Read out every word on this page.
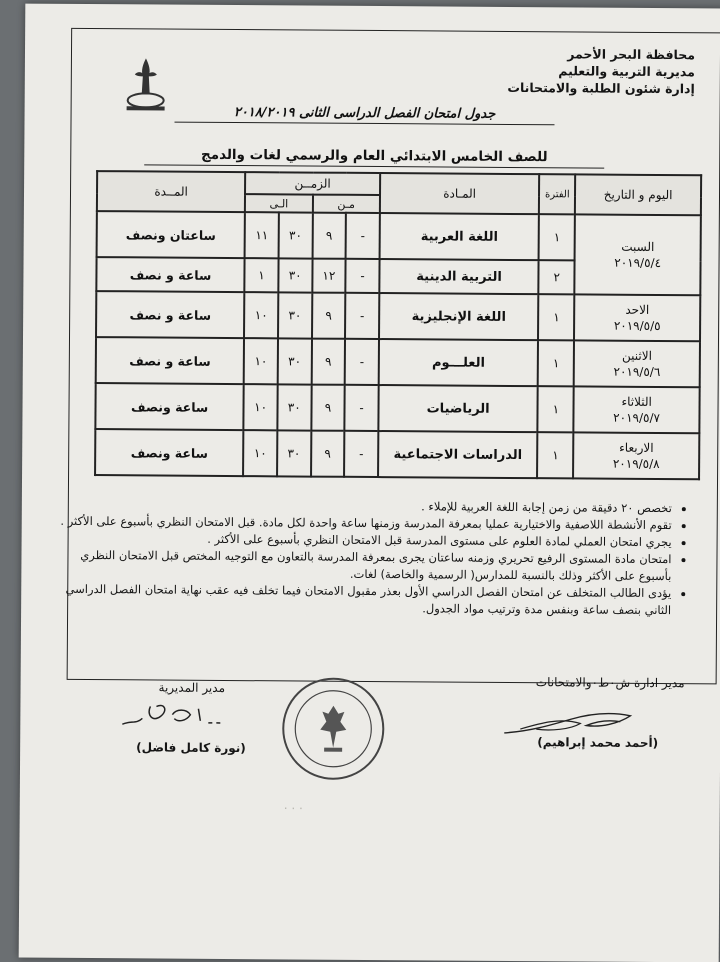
محافظة البحر الأحمر
مديرية التربية والتعليم
إدارة شئون الطلبة والامتحانات
جدول امتحان الفصل الدراسى الثانى ٢٠١٨/٢٠١٩
للصف الخامس الابتدائي العام والرسمي لغات والدمج
اليوم و التاريخ	الفترة	المـادة	الزمــن				المــدة
			مـن		الـى		

السبت
٢٠١٩/٥/٤	١	اللغة العربية	-	٩	٣٠	١١	ساعتان ونصف
	٢	التربية الدينية	-	١٢	٣٠	١	ساعة و نصف

الاحد
٢٠١٩/٥/٥	١	اللغة الإنجليزية	-	٩	٣٠	١٠	ساعة و نصف

الاثنين
٢٠١٩/٥/٦	١	العلـــوم	-	٩	٣٠	١٠	ساعة و نصف

الثلاثاء
٢٠١٩/٥/٧	١	الرياضيات	-	٩	٣٠	١٠	ساعة ونصف

الاربعاء
٢٠١٩/٥/٨	١	الدراسات الاجتماعية	-	٩	٣٠	١٠	ساعة ونصف
• تخصص ٢٠ دقيقة من زمن إجابة اللغة العربية للإملاء .
• تقوم الأنشطة اللاصفية والاختيارية عمليا بمعرفة المدرسة وزمنها ساعة واحدة لكل مادة. قبل الامتحان النظري بأسبوع على الأكثر .
• يجري امتحان العملي لمادة العلوم على مستوى المدرسة قبل الامتحان النظري بأسبوع على الأكثر .
• امتحان مادة المستوى الرفيع تحريري وزمنه ساعتان يجرى بمعرفة المدرسة بالتعاون مع التوجيه المختص قبل الامتحان النظري بأسبوع على الأكثر وذلك بالنسبة للمدارس( الرسمية والخاصة) لغات.
• يؤدى الطالب المتخلف عن امتحان الفصل الدراسي الأول بعذر مقبول الامتحان فيما تخلف فيه عقب نهاية امتحان الفصل الدراسي الثاني بنصف ساعة وبنفس مدة وترتيب مواد الجدول.
مدير ادارة ش٠ط٠والامتحانات
(أحمد محمد إبراهيم)
مدير المديرية
(نورة كامل فاضل)
· · ·
